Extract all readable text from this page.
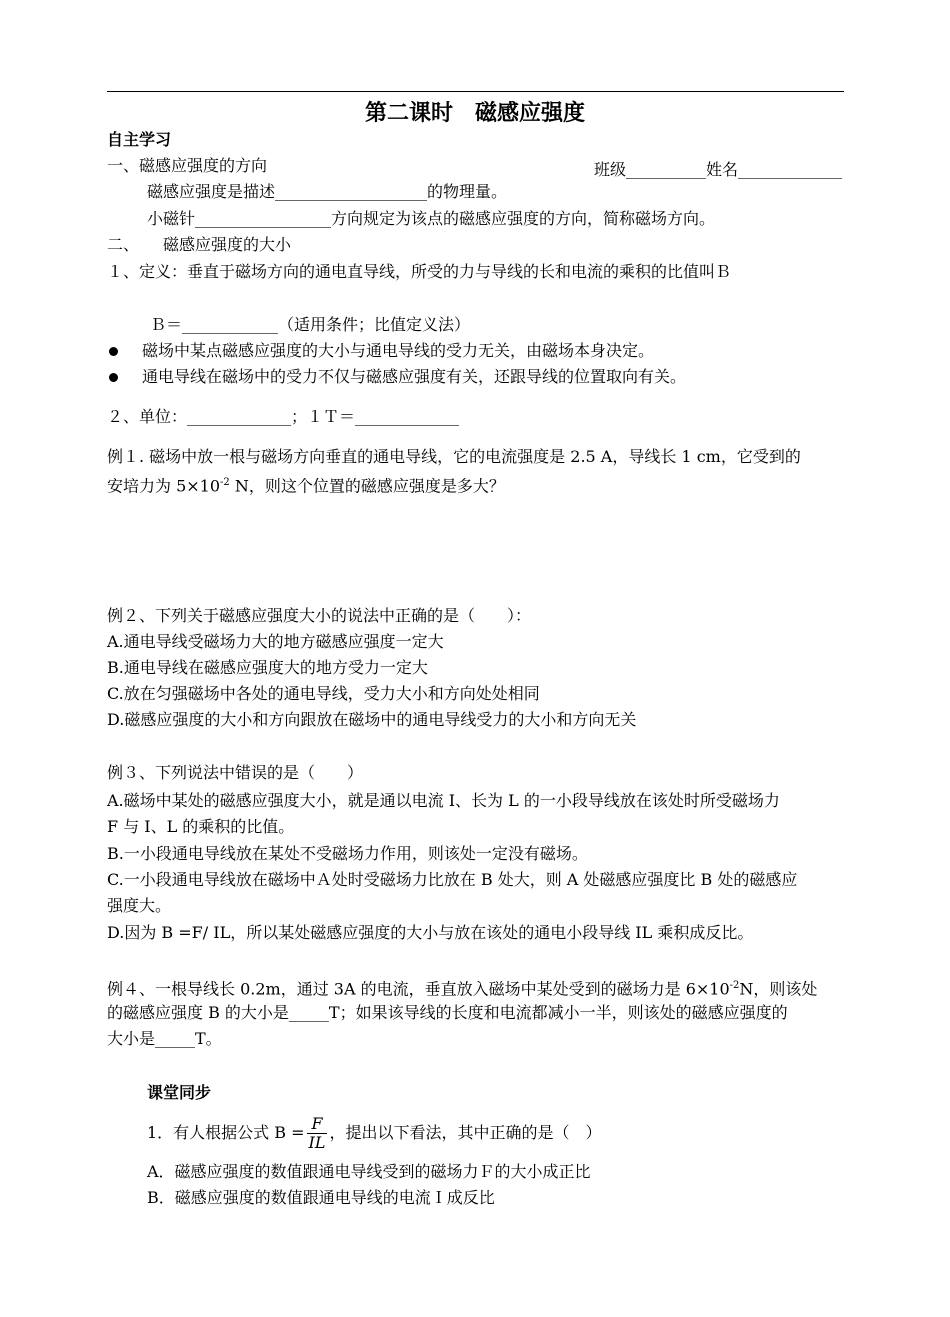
第二课时　磁感应强度
自主学习
一、磁感应强度的方向	班级__________姓名_____________
磁感应强度是描述___________________的物理量。
小磁针_________________方向规定为该点的磁感应强度的方向，简称磁场方向。
二、　　磁感应强度的大小
１、定义：垂直于磁场方向的通电直导线，所受的力与导线的长和电流的乘积的比值叫Ｂ
Ｂ＝____________（适用条件；比值定义法）
磁场中某点磁感应强度的大小与通电导线的受力无关，由磁场本身决定。
通电导线在磁场中的受力不仅与磁感应强度有关，还跟导线的位置取向有关。
２、单位：_____________；１Ｔ＝_____________
例１. 磁场中放一根与磁场方向垂直的通电导线，它的电流强度是 2.5 A，导线长 1 cm，它受到的
安培力为 $5\times 10^{-2}$ N，则这个位置的磁感应强度是多大？
例２、下列关于磁感应强度大小的说法中正确的是（　　）：
A.通电导线受磁场力大的地方磁感应强度一定大
B.通电导线在磁感应强度大的地方受力一定大
C.放在匀强磁场中各处的通电导线，受力大小和方向处处相同
D.磁感应强度的大小和方向跟放在磁场中的通电导线受力的大小和方向无关
例３、下列说法中错误的是（　　）
A.磁场中某处的磁感应强度大小，就是通以电流 I、长为 L 的一小段导线放在该处时所受磁场力
F 与 I、L 的乘积的比值。
B.一小段通电导线放在某处不受磁场力作用，则该处一定没有磁场。
C.一小段通电导线放在磁场中Ａ处时受磁场力比放在 B 处大，则 A 处磁感应强度比 B 处的磁感应
强度大。
D.因为 B =F/ IL，所以某处磁感应强度的大小与放在该处的通电小段导线 IL 乘积成反比。
例４、一根导线长 0.2m，通过 3A 的电流，垂直放入磁场中某处受到的磁场力是 $6\times 10^{-2}N$，则该处
的磁感应强度 B 的大小是_____T；如果该导线的长度和电流都减小一半，则该处的磁感应强度的
大小是_____T。
课堂同步
1．有人根据公式 $B = \frac{F}{IL}$ ，提出以下看法，其中正确的是（　）
A．磁感应强度的数值跟通电导线受到的磁场力Ｆ的大小成正比
B．磁感应强度的数值跟通电导线的电流Ｉ成反比
